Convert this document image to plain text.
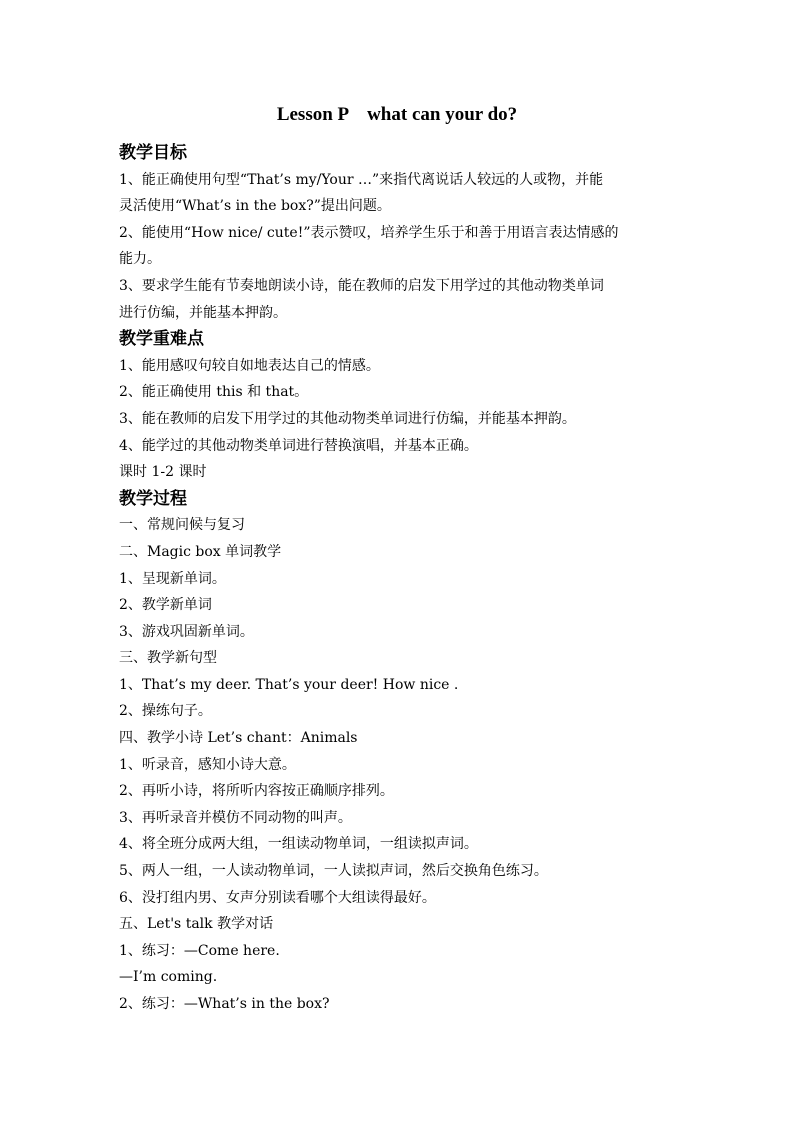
Lesson P    what can your do?
教学目标
1、能正确使用句型“That’s my/Your …”来指代离说话人较远的人或物，并能
灵活使用“What’s in the box?”提出问题。
2、能使用“How nice/ cute!”表示赞叹，培养学生乐于和善于用语言表达情感的
能力。
3、要求学生能有节奏地朗读小诗，能在教师的启发下用学过的其他动物类单词
进行仿编，并能基本押韵。
教学重难点
1、能用感叹句较自如地表达自己的情感。
2、能正确使用 this 和 that。
3、能在教师的启发下用学过的其他动物类单词进行仿编，并能基本押韵。
4、能学过的其他动物类单词进行替换演唱，并基本正确。
课时 1-2 课时
教学过程
一、常规问候与复习
二、Magic box 单词教学
1、呈现新单词。
2、教学新单词
3、游戏巩固新单词。
三、教学新句型
1、That’s my deer. That’s your deer! How nice .
2、操练句子。
四、教学小诗 Let’s chant：Animals
1、听录音，感知小诗大意。
2、再听小诗，将所听内容按正确顺序排列。
3、再听录音并模仿不同动物的叫声。
4、将全班分成两大组，一组读动物单词，一组读拟声词。
5、两人一组，一人读动物单词，一人读拟声词，然后交换角色练习。
6、没打组内男、女声分别读看哪个大组读得最好。
五、Let's talk 教学对话
1、练习：—Come here.
—I’m coming.
2、练习：—What’s in the box?
